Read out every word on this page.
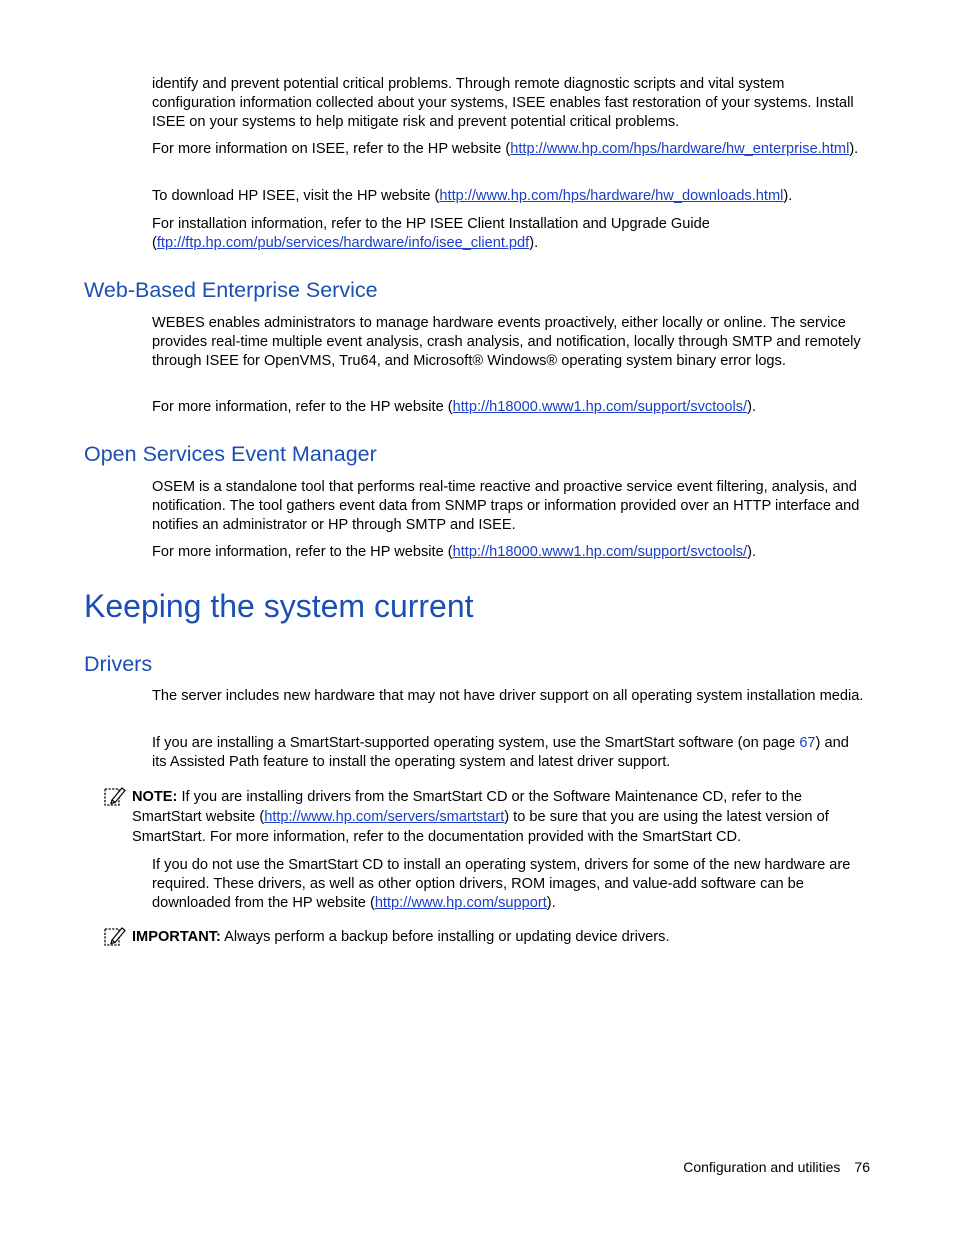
identify and prevent potential critical problems. Through remote diagnostic scripts and vital system configuration information collected about your systems, ISEE enables fast restoration of your systems. Install ISEE on your systems to help mitigate risk and prevent potential critical problems.

For more information on ISEE, refer to the HP website (http://www.hp.com/hps/hardware/hw_enterprise.html).

To download HP ISEE, visit the HP website (http://www.hp.com/hps/hardware/hw_downloads.html).

For installation information, refer to the HP ISEE Client Installation and Upgrade Guide (ftp://ftp.hp.com/pub/services/hardware/info/isee_client.pdf).

Web-Based Enterprise Service

WEBES enables administrators to manage hardware events proactively, either locally or online. The service provides real-time multiple event analysis, crash analysis, and notification, locally through SMTP and remotely through ISEE for OpenVMS, Tru64, and Microsoft® Windows® operating system binary error logs.

For more information, refer to the HP website (http://h18000.www1.hp.com/support/svctools/).

Open Services Event Manager

OSEM is a standalone tool that performs real-time reactive and proactive service event filtering, analysis, and notification. The tool gathers event data from SNMP traps or information provided over an HTTP interface and notifies an administrator or HP through SMTP and ISEE.

For more information, refer to the HP website (http://h18000.www1.hp.com/support/svctools/).

Keeping the system current
Drivers

The server includes new hardware that may not have driver support on all operating system installation media.

If you are installing a SmartStart-supported operating system, use the SmartStart software (on page 67) and its Assisted Path feature to install the operating system and latest driver support.

NOTE: If you are installing drivers from the SmartStart CD or the Software Maintenance CD, refer to the SmartStart website (http://www.hp.com/servers/smartstart) to be sure that you are using the latest version of SmartStart. For more information, refer to the documentation provided with the SmartStart CD.

If you do not use the SmartStart CD to install an operating system, drivers for some of the new hardware are required. These drivers, as well as other option drivers, ROM images, and value-add software can be downloaded from the HP website (http://www.hp.com/support).

IMPORTANT: Always perform a backup before installing or updating device drivers.

Configuration and utilities 76
